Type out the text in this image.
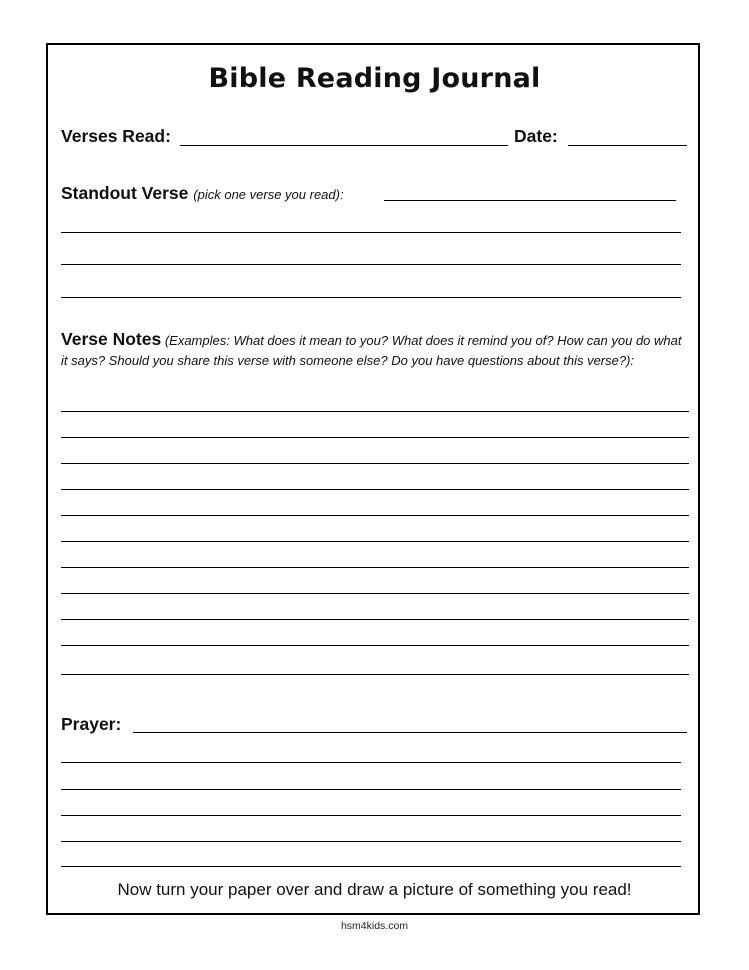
Bible Reading Journal
Verses Read:	Date:
Standout Verse (pick one verse you read):
Verse Notes (Examples: What does it mean to you? What does it remind you of? How can you do what it says? Should you share this verse with someone else? Do you have questions about this verse?):
Prayer:
Now turn your paper over and draw a picture of something you read!
hsm4kids.com
